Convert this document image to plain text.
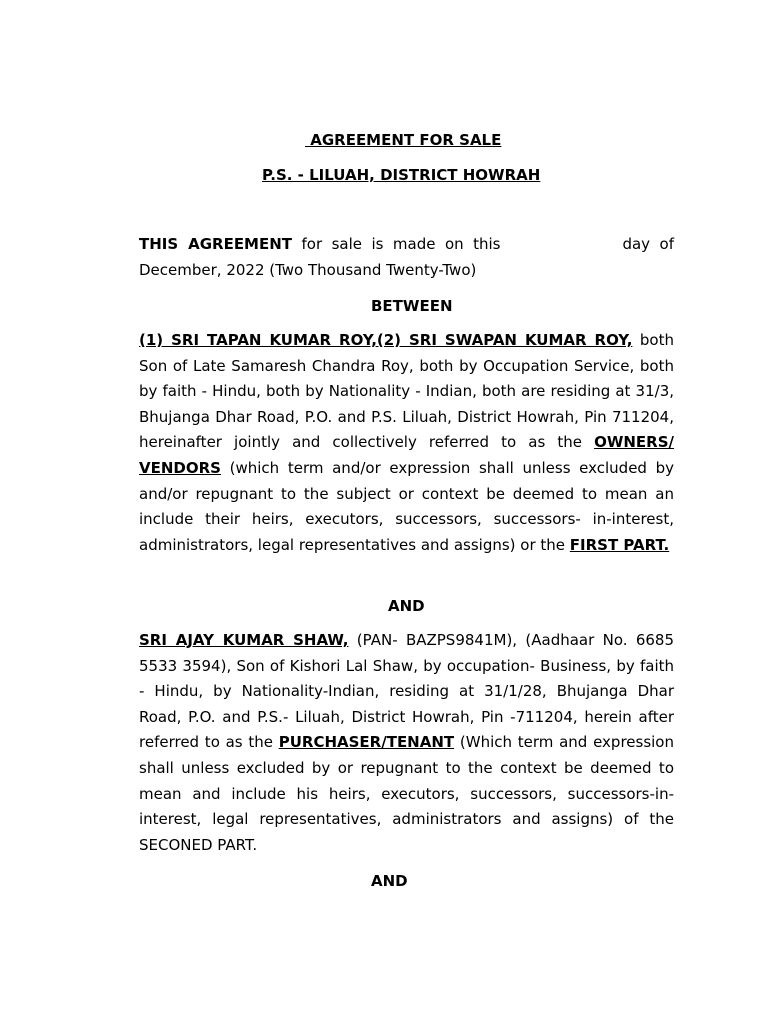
AGREEMENT FOR SALE
P.S. - LILUAH, DISTRICT HOWRAH

THIS AGREEMENT for sale is made on this	day of December, 2022 (Two Thousand Twenty-Two)

BETWEEN

(1) SRI TAPAN KUMAR ROY,(2) SRI SWAPAN KUMAR ROY, both Son of Late Samaresh Chandra Roy, both by Occupation Service, both by faith - Hindu, both by Nationality - Indian, both are residing at 31/3, Bhujanga Dhar Road, P.O. and P.S. Liluah, District Howrah, Pin 711204, hereinafter jointly and collectively referred to as the OWNERS/ VENDORS (which term and/or expression shall unless excluded by and/or repugnant to the subject or context be deemed to mean an include their heirs, executors, successors, successors- in-interest, administrators, legal representatives and assigns) or the FIRST PART.

AND

SRI AJAY KUMAR SHAW, (PAN- BAZPS9841M), (Aadhaar No. 6685 5533 3594), Son of Kishori Lal Shaw, by occupation- Business, by faith - Hindu, by Nationality-Indian, residing at 31/1/28, Bhujanga Dhar Road, P.O. and P.S.- Liluah, District Howrah, Pin -711204, herein after referred to as the PURCHASER/TENANT (Which term and expression shall unless excluded by or repugnant to the context be deemed to mean and include his heirs, executors, successors, successors-in-interest, legal representatives, administrators and assigns) of the SECONED PART.

AND
